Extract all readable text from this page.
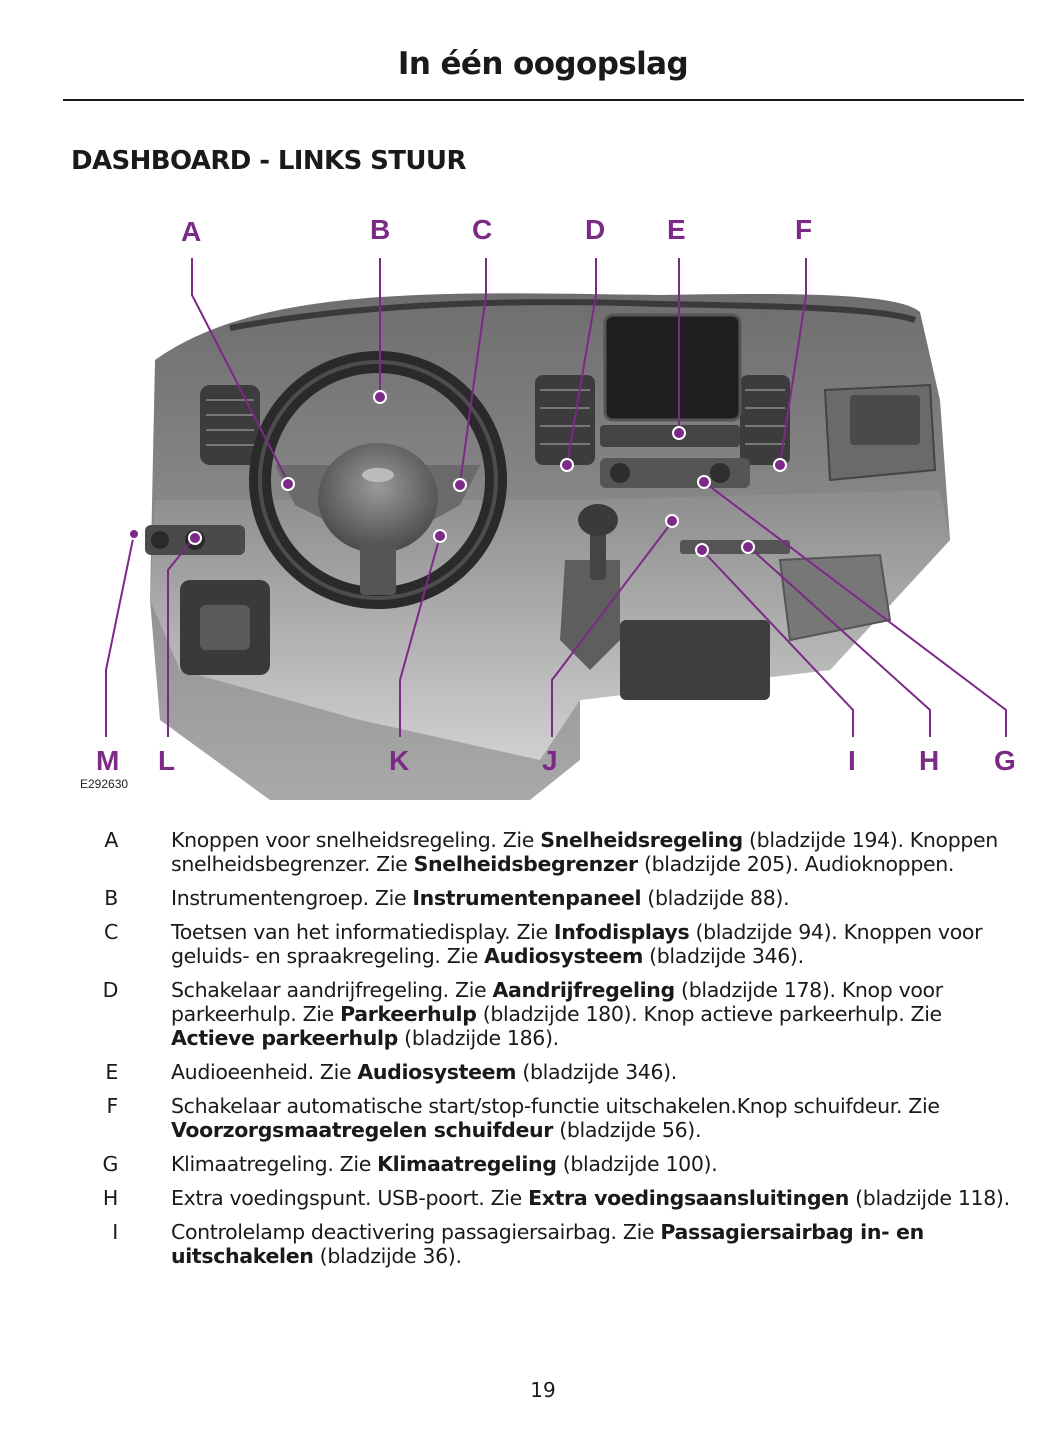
In één oogopslag
DASHBOARD - LINKS STUUR
A	B	C	D E	F
G
H
I
J
K
L
M
E292630
A	Knoppen voor snelheidsregeling. Zie Snelheidsregeling (bladzijde 194). Knoppen snelheidsbegrenzer. Zie Snelheidsbegrenzer (bladzijde 205). Audioknoppen.
B	Instrumentengroep. Zie Instrumentenpaneel (bladzijde 88).
C	Toetsen van het informatiedisplay. Zie Infodisplays (bladzijde 94). Knoppen voor geluids- en spraakregeling. Zie Audiosysteem (bladzijde 346).
D	Schakelaar aandrijfregeling. Zie Aandrijfregeling (bladzijde 178). Knop voor parkeerhulp. Zie Parkeerhulp (bladzijde 180). Knop actieve parkeerhulp. Zie Actieve parkeerhulp (bladzijde 186).
E	Audioeenheid. Zie Audiosysteem (bladzijde 346).
F	Schakelaar automatische start/stop-functie uitschakelen.Knop schuifdeur. Zie Voorzorgsmaatregelen schuifdeur (bladzijde 56).
G	Klimaatregeling. Zie Klimaatregeling (bladzijde 100).
H	Extra voedingspunt. USB-poort. Zie Extra voedingsaansluitingen (bladzijde 118).
I	Controlelamp deactivering passagiersairbag. Zie Passagiersairbag in- en uitschakelen (bladzijde 36).
19
